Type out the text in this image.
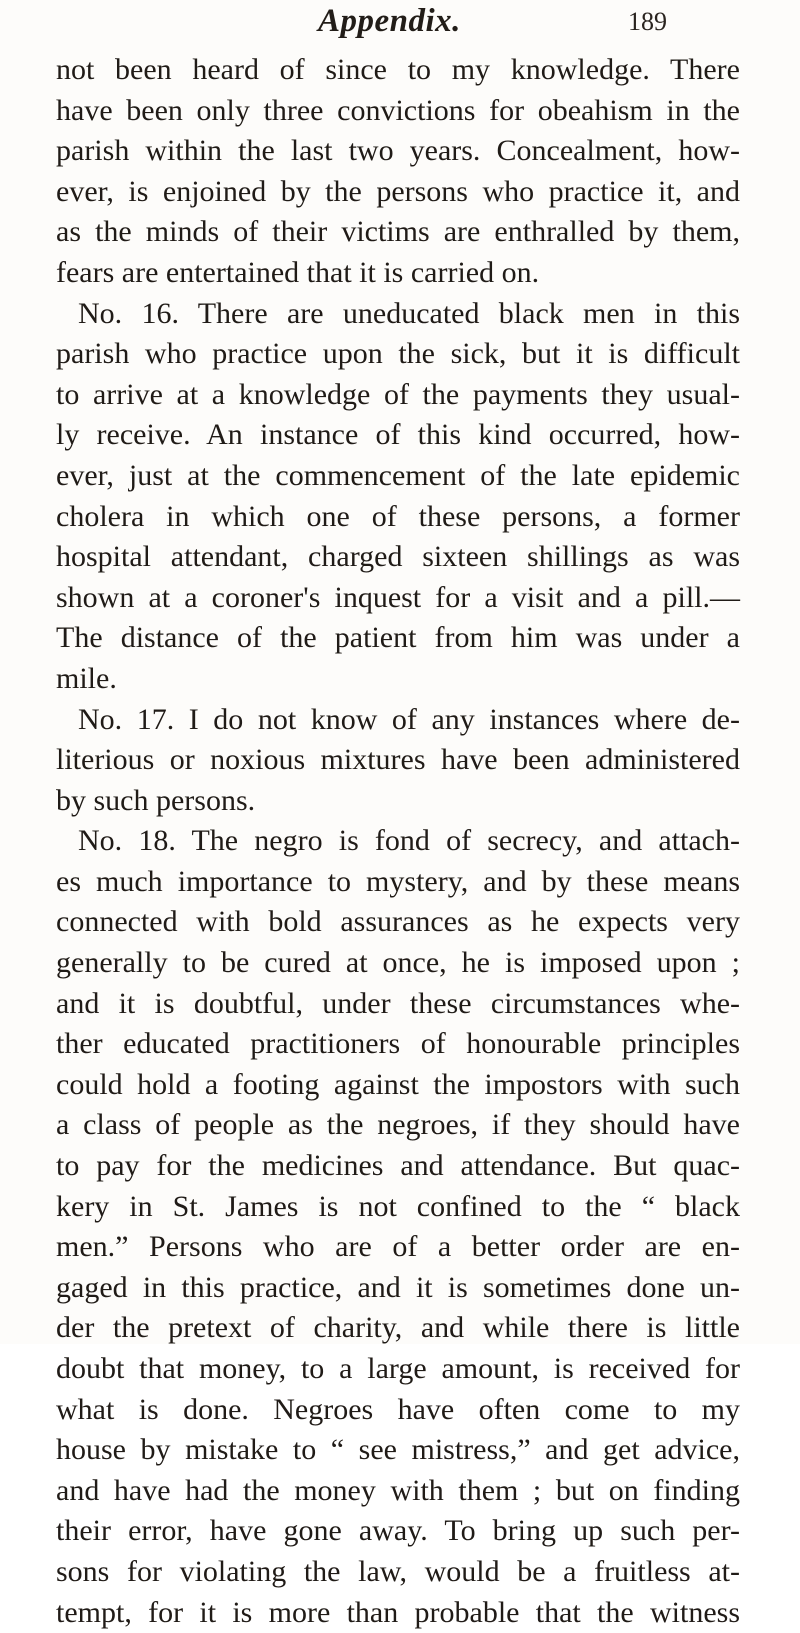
Appendix.	189
not been heard of since to my knowledge. There
have been only three convictions for obeahism in the
parish within the last two years. Concealment, how-
ever, is enjoined by the persons who practice it, and
as the minds of their victims are enthralled by them,
fears are entertained that it is carried on.
No. 16. There are uneducated black men in this
parish who practice upon the sick, but it is difficult
to arrive at a knowledge of the payments they usual-
ly receive. An instance of this kind occurred, how-
ever, just at the commencement of the late epidemic
cholera in which one of these persons, a former
hospital attendant, charged sixteen shillings as was
shown at a coroner's inquest for a visit and a pill.—
The distance of the patient from him was under a
mile.
No. 17. I do not know of any instances where de-
literious or noxious mixtures have been administered
by such persons.
No. 18. The negro is fond of secrecy, and attach-
es much importance to mystery, and by these means
connected with bold assurances as he expects very
generally to be cured at once, he is imposed upon ;
and it is doubtful, under these circumstances whe-
ther educated practitioners of honourable principles
could hold a footing against the impostors with such
a class of people as the negroes, if they should have
to pay for the medicines and attendance. But quac-
kery in St. James is not confined to the “ black
men.” Persons who are of a better order are en-
gaged in this practice, and it is sometimes done un-
der the pretext of charity, and while there is little
doubt that money, to a large amount, is received for
what is done. Negroes have often come to my
house by mistake to “ see mistress,” and get advice,
and have had the money with them ; but on finding
their error, have gone away. To bring up such per-
sons for violating the law, would be a fruitless at-
tempt, for it is more than probable that the witness
